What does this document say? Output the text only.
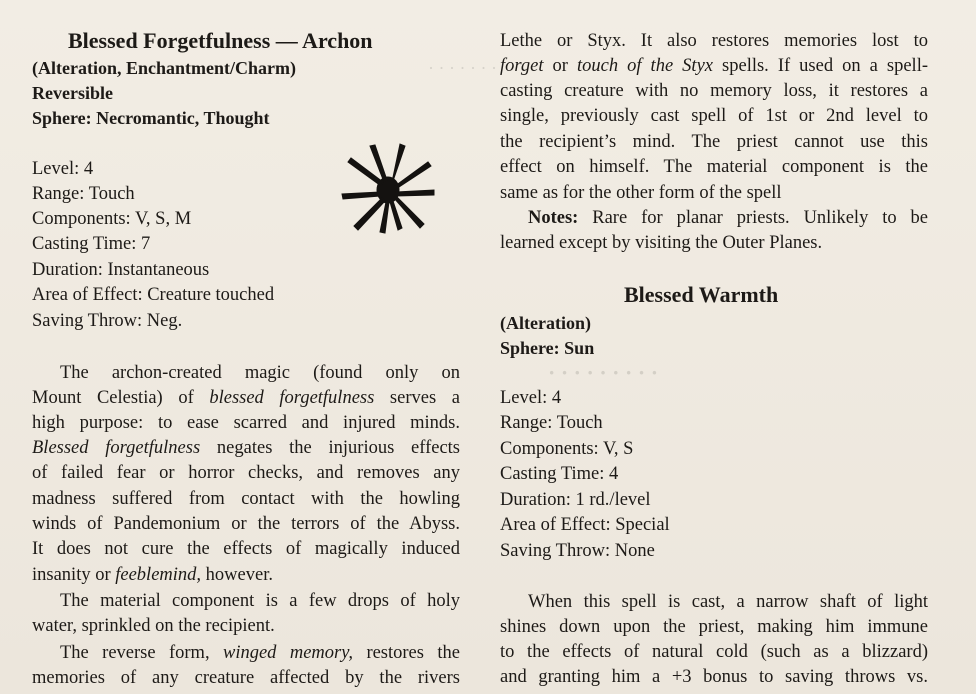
· · · · · · ·
· · · · · · · · ·
Blessed Forgetfulness — Archon
(Alteration, Enchantment/Charm)
Reversible
Sphere: Necromantic, Thought
Level: 4
Range: Touch
Components: V, S, M
Casting Time: 7
Duration: Instantaneous
Area of Effect: Creature touched
Saving Throw: Neg.
The archon-created magic (found only on
Mount Celestia) of blessed forgetfulness serves a
high purpose: to ease scarred and injured minds.
Blessed forgetfulness negates the injurious effects
of failed fear or horror checks, and removes any
madness suffered from contact with the howling
winds of Pandemonium or the terrors of the Abyss.
It does not cure the effects of magically induced
insanity or feeblemind, however.
The material component is a few drops of holy
water, sprinkled on the recipient.
The reverse form, winged memory, restores the
memories of any creature affected by the rivers
Lethe or Styx. It also restores memories lost to
forget or touch of the Styx spells. If used on a spell-
casting creature with no memory loss, it restores a
single, previously cast spell of 1st or 2nd level to
the recipient’s mind. The priest cannot use this
effect on himself. The material component is the
same as for the other form of the spell
Notes: Rare for planar priests. Unlikely to be
learned except by visiting the Outer Planes.
Blessed Warmth
(Alteration)
Sphere: Sun
Level: 4
Range: Touch
Components: V, S
Casting Time: 4
Duration: 1 rd./level
Area of Effect: Special
Saving Throw: None
When this spell is cast, a narrow shaft of light
shines down upon the priest, making him immune
to the effects of natural cold (such as a blizzard)
and granting him a +3 bonus to saving throws vs.
